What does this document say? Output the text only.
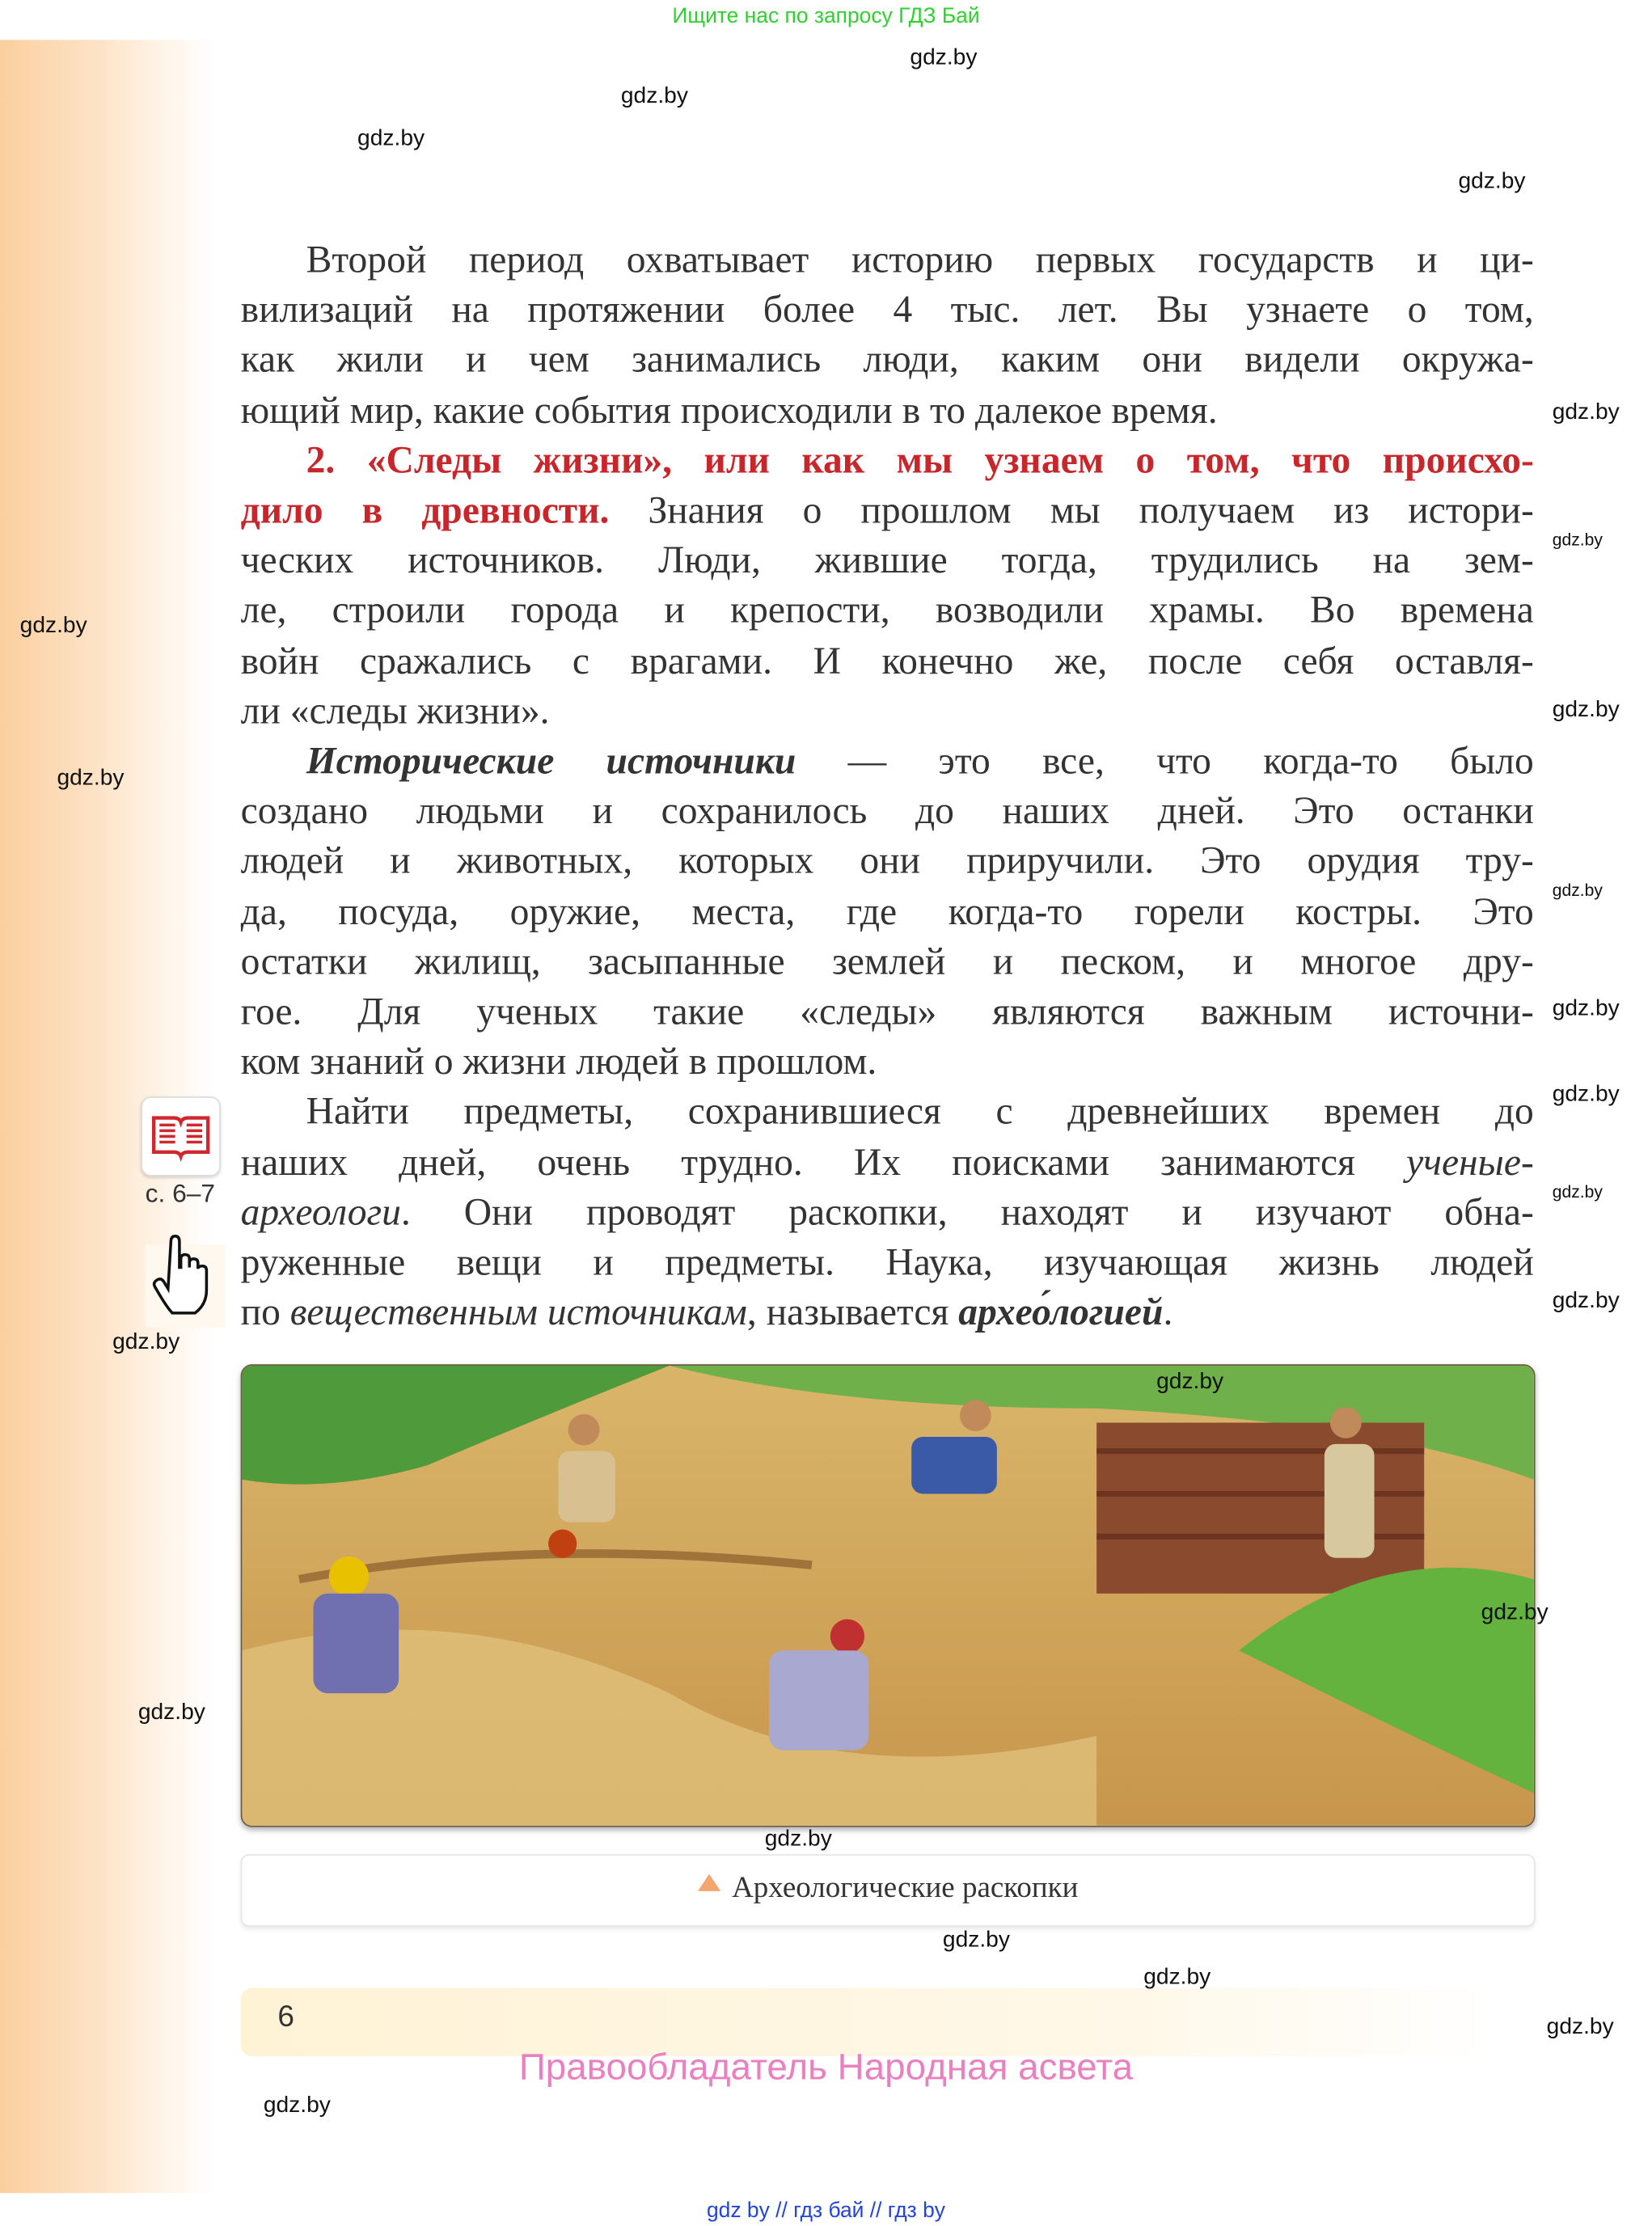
Ищите нас по запросу ГДЗ Бай
Второй период охватывает историю первых государств и ци-
вилизаций на протяжении более 4 тыс. лет. Вы узнаете о том,
как жили и чем занимались люди, каким они видели окружа-
ющий мир, какие события происходили в то далекое время.
2. «Следы жизни», или как мы узнаем о том, что происхо-
дило в древности. Знания о прошлом мы получаем из истори-
ческих источников. Люди, жившие тогда, трудились на зем-
ле, строили города и крепости, возводили храмы. Во времена
войн сражались с врагами. И конечно же, после себя оставля-
ли «следы жизни».
Исторические источники — это все, что когда-то было
создано людьми и сохранилось до наших дней. Это останки
людей и животных, которых они приручили. Это орудия тру-
да, посуда, оружие, места, где когда-то горели костры. Это
остатки жилищ, засыпанные землей и песком, и многое дру-
гое. Для ученых такие «следы» являются важным источни-
ком знаний о жизни людей в прошлом.
Найти предметы, сохранившиеся с древнейших времен до
наших дней, очень трудно. Их поисками занимаются ученые-
археологи. Они проводят раскопки, находят и изучают обна-
руженные вещи и предметы. Наука, изучающая жизнь людей
по вещественным источникам, называется архео́логией.
с. 6–7
Археологические раскопки
6
Правообладатель Народная асвета
gdz by // гдз бай // гдз by
gdz.by
gdz.by
gdz.by
gdz.by
gdz.by
gdz.by
gdz.by
gdz.by
gdz.by
gdz.by
gdz.by
gdz.by
gdz.by
gdz.by
gdz.by
gdz.by
gdz.by
gdz.by
gdz.by
gdz.by
gdz.by
gdz.by
gdz.by
